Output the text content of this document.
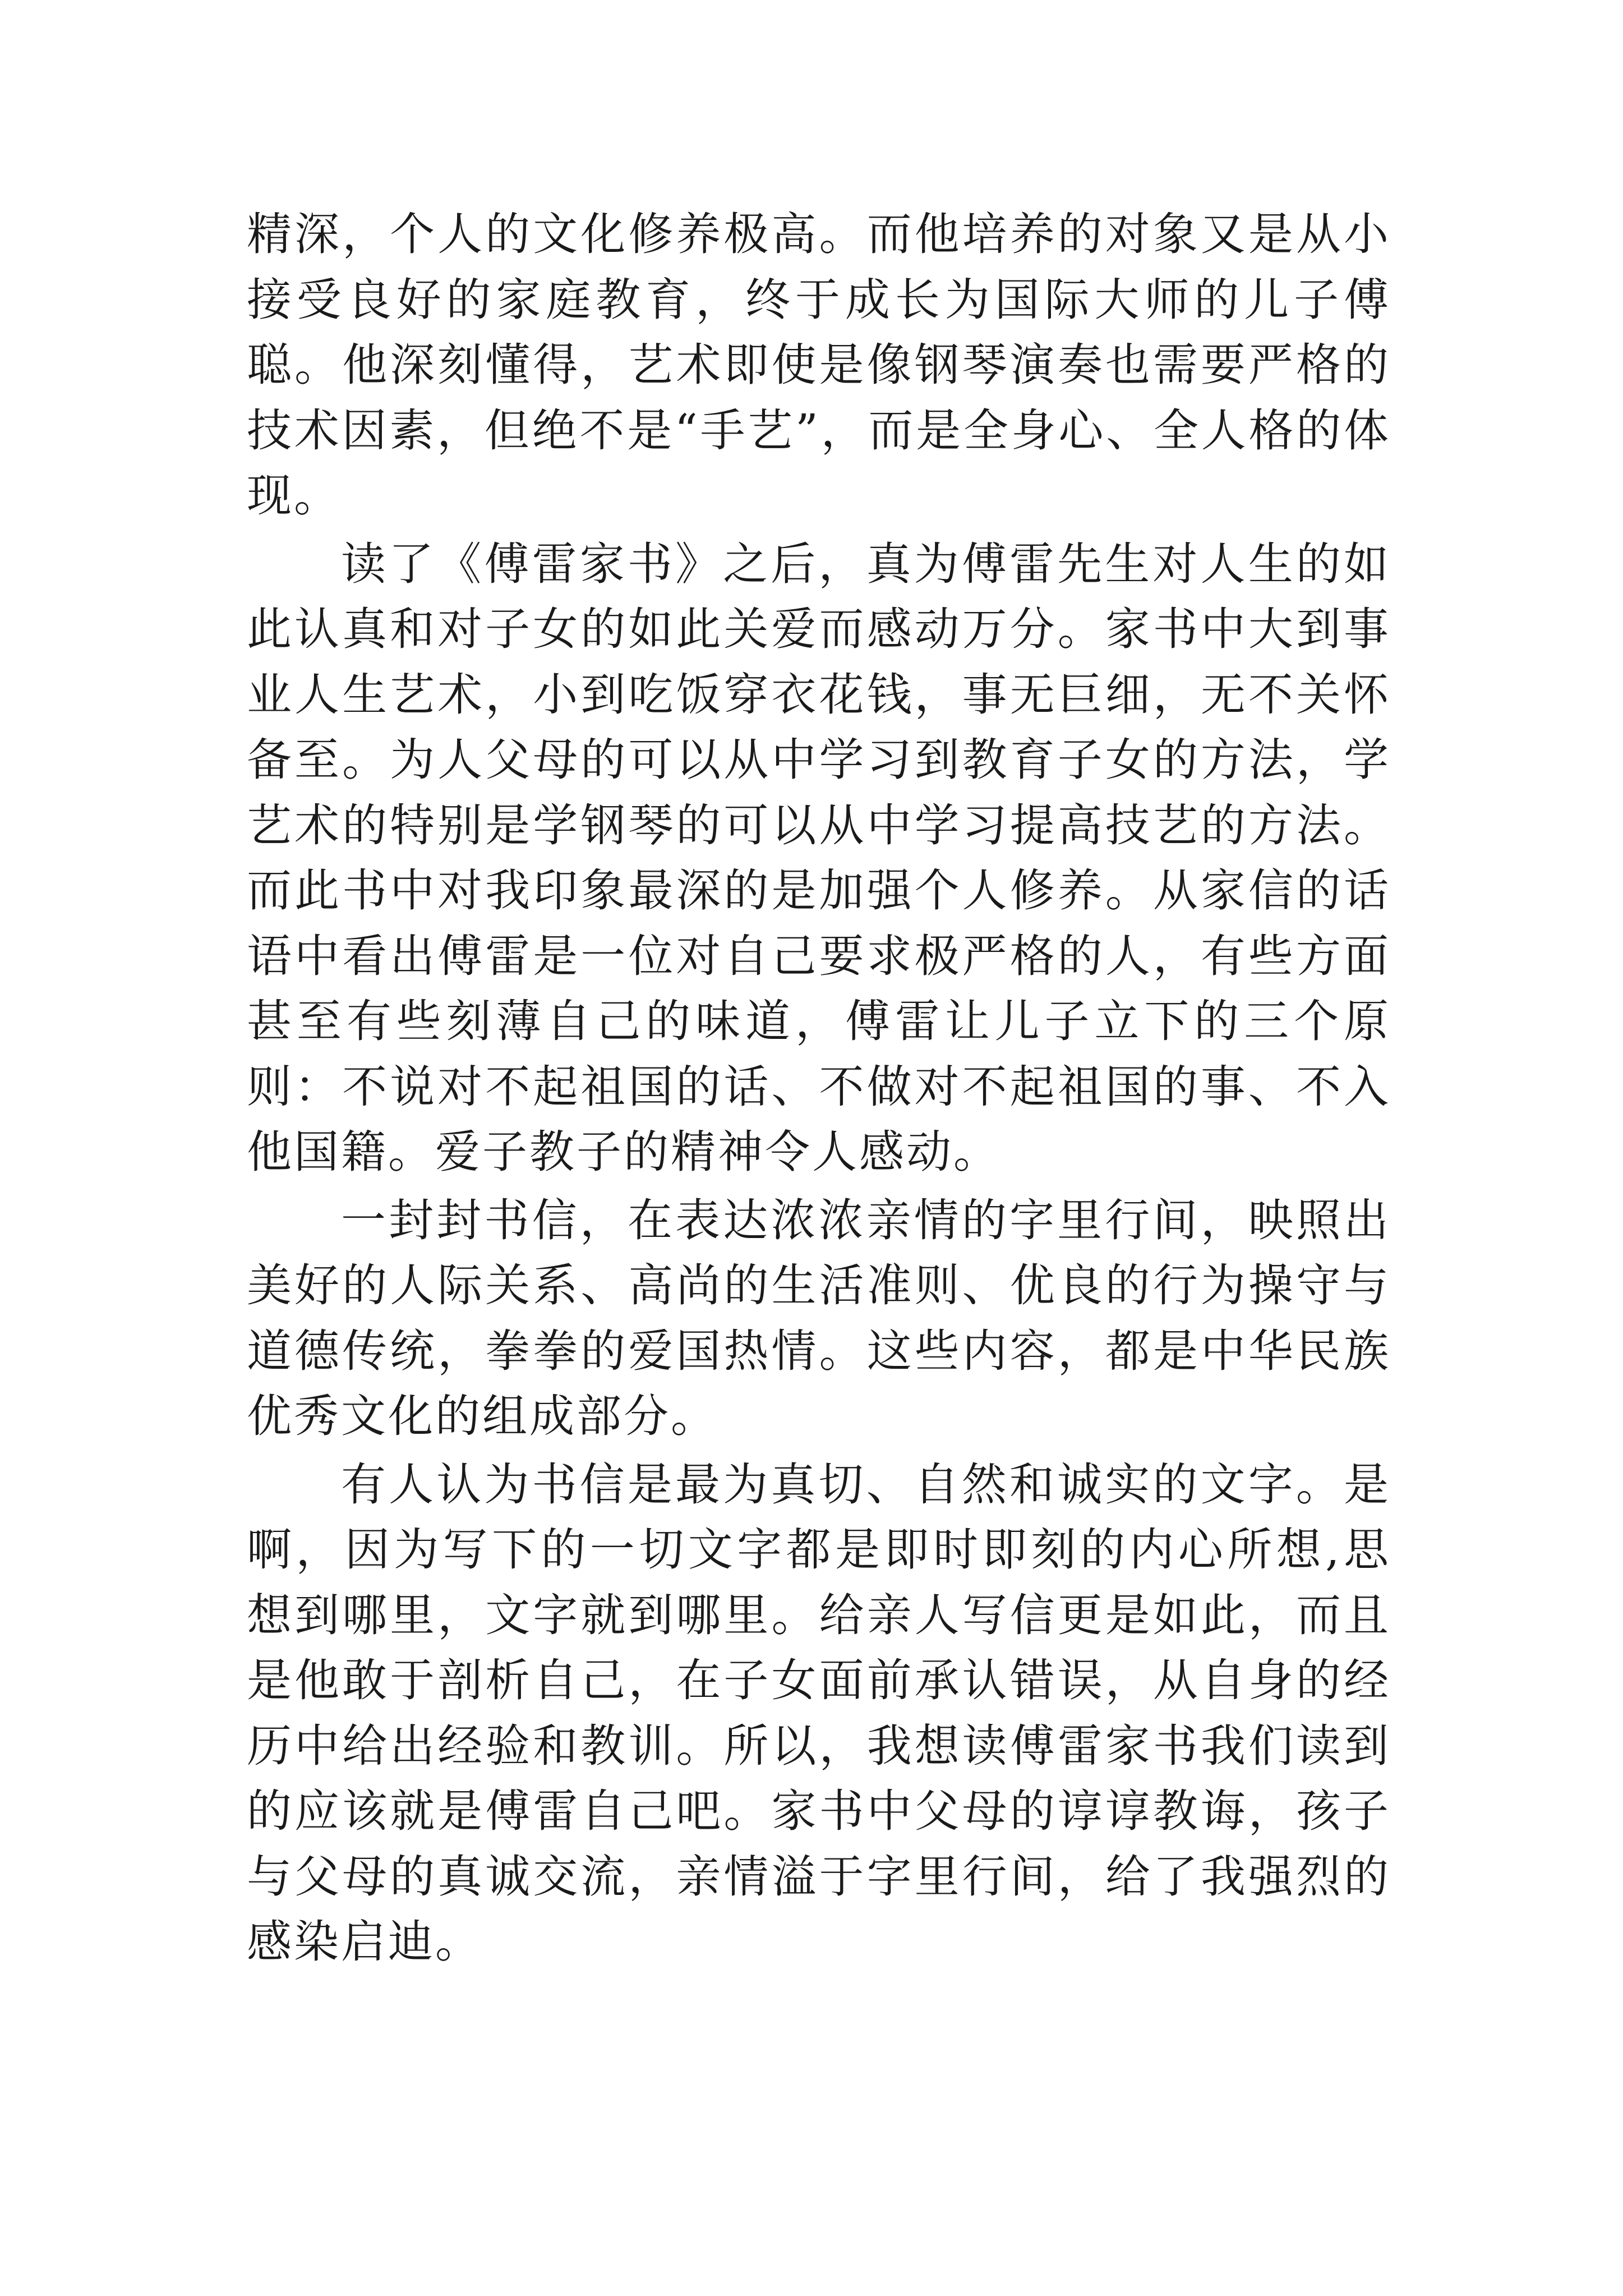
精深，个人的文化修养极高。而他培养的对象又是从小接受良好的家庭教育，终于成长为国际大师的儿子傅聪。他深刻懂得，艺术即使是像钢琴演奏也需要严格的技术因素，但绝不是“手艺”，而是全身心、全人格的体现。

读了《傅雷家书》之后，真为傅雷先生对人生的如此认真和对子女的如此关爱而感动万分。家书中大到事业人生艺术，小到吃饭穿衣花钱，事无巨细，无不关怀备至。为人父母的可以从中学习到教育子女的方法，学艺术的特别是学钢琴的可以从中学习提高技艺的方法。而此书中对我印象最深的是加强个人修养。从家信的话语中看出傅雷是一位对自己要求极严格的人，有些方面甚至有些刻薄自己的味道，傅雷让儿子立下的三个原则：不说对不起祖国的话、不做对不起祖国的事、不入他国籍。爱子教子的精神令人感动。

一封封书信，在表达浓浓亲情的字里行间，映照出美好的人际关系、高尚的生活准则、优良的行为操守与道德传统，拳拳的爱国热情。这些内容，都是中华民族优秀文化的组成部分。

有人认为书信是最为真切、自然和诚实的文字。是啊，因为写下的一切文字都是即时即刻的内心所想,思想到哪里，文字就到哪里。给亲人写信更是如此，而且是他敢于剖析自己，在子女面前承认错误，从自身的经历中给出经验和教训。所以，我想读傅雷家书我们读到的应该就是傅雷自己吧。家书中父母的谆谆教诲，孩子与父母的真诚交流，亲情溢于字里行间，给了我强烈的感染启迪。
